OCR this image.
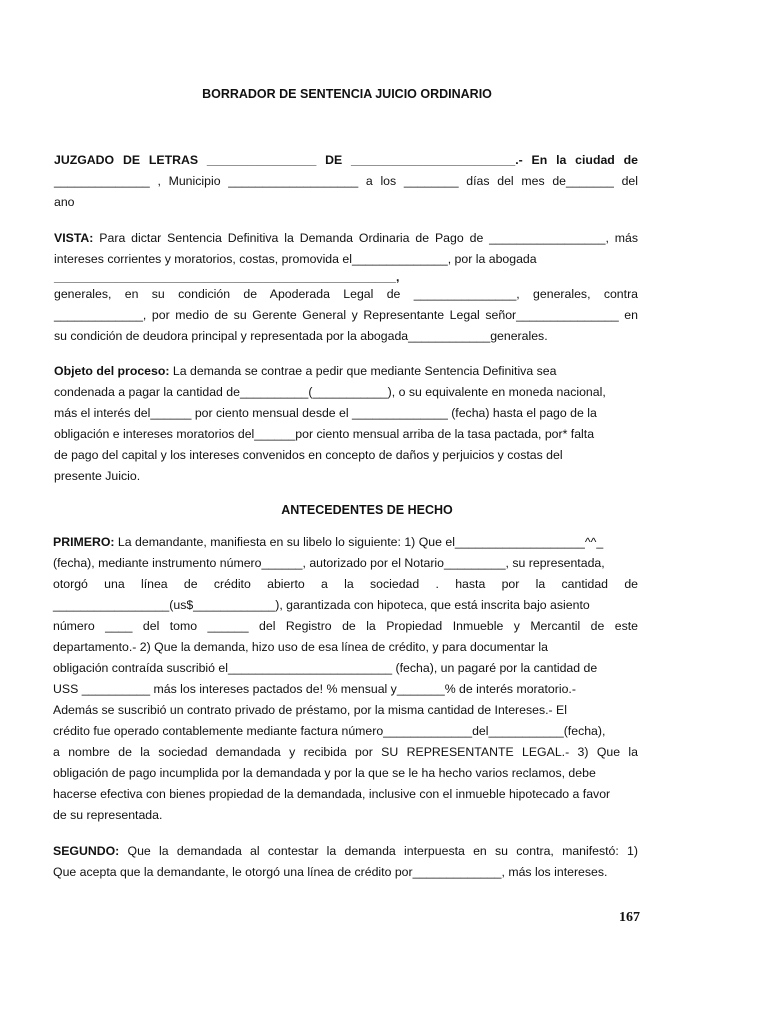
BORRADOR DE SENTENCIA JUICIO ORDINARIO
JUZGADO DE LETRAS ________________ DE ________________________.- En la ciudad de
______________ , Municipio ___________________ a los ________ días del mes de_______ del
ano
VISTA: Para dictar Sentencia Definitiva la Demanda Ordinaria de Pago de _________________, más
intereses corrientes y moratorios, costas, promovida el______________, por la abogada
__________________________________________________,
generales, en su condición de Apoderada Legal de _______________, generales, contra
_____________, por medio de su Gerente General y Representante Legal señor_______________ en
su condición de deudora principal y representada por la abogada____________generales.
Objeto del proceso: La demanda se contrae a pedir que mediante Sentencia Definitiva sea
condenada a pagar la cantidad de__________(___________), o su equivalente en moneda nacional,
más el interés del______ por ciento mensual desde el ______________ (fecha) hasta el pago de la
obligación e intereses moratorios del______por ciento mensual arriba de la tasa pactada, por* falta
de pago del capital y los intereses convenidos en concepto de daños y perjuicios y costas del
presente Juicio.
ANTECEDENTES DE HECHO
PRIMERO: La demandante, manifiesta en su libelo lo siguiente: 1) Que el___________________^^_
(fecha), mediante instrumento número______, autorizado por el Notario_________, su representada,
otorgó una línea de crédito abierto a la sociedad . hasta por la cantidad de
_________________(us$____________), garantizada con hipoteca, que está inscrita bajo asiento
número ____ del tomo ______ del Registro de la Propiedad Inmueble y Mercantil de este
departamento.- 2) Que la demanda, hizo uso de esa línea de crédito, y para documentar la
obligación contraída suscribió el________________________ (fecha), un pagaré por la cantidad de
USS __________ más los intereses pactados de! % mensual y_______% de interés moratorio.-
Además se suscribió un contrato privado de préstamo, por la misma cantidad de Intereses.- El
crédito fue operado contablemente mediante factura número_____________del___________(fecha),
a nombre de la sociedad demandada y recibida por SU REPRESENTANTE LEGAL.- 3) Que la
obligación de pago incumplida por la demandada y por la que se le ha hecho varios reclamos, debe
hacerse efectiva con bienes propiedad de la demandada, inclusive con el inmueble hipotecado a favor
de su representada.
SEGUNDO: Que la demandada al contestar la demanda interpuesta en su contra, manifestó: 1)
Que acepta que la demandante, le otorgó una línea de crédito por_____________, más los intereses.
167
